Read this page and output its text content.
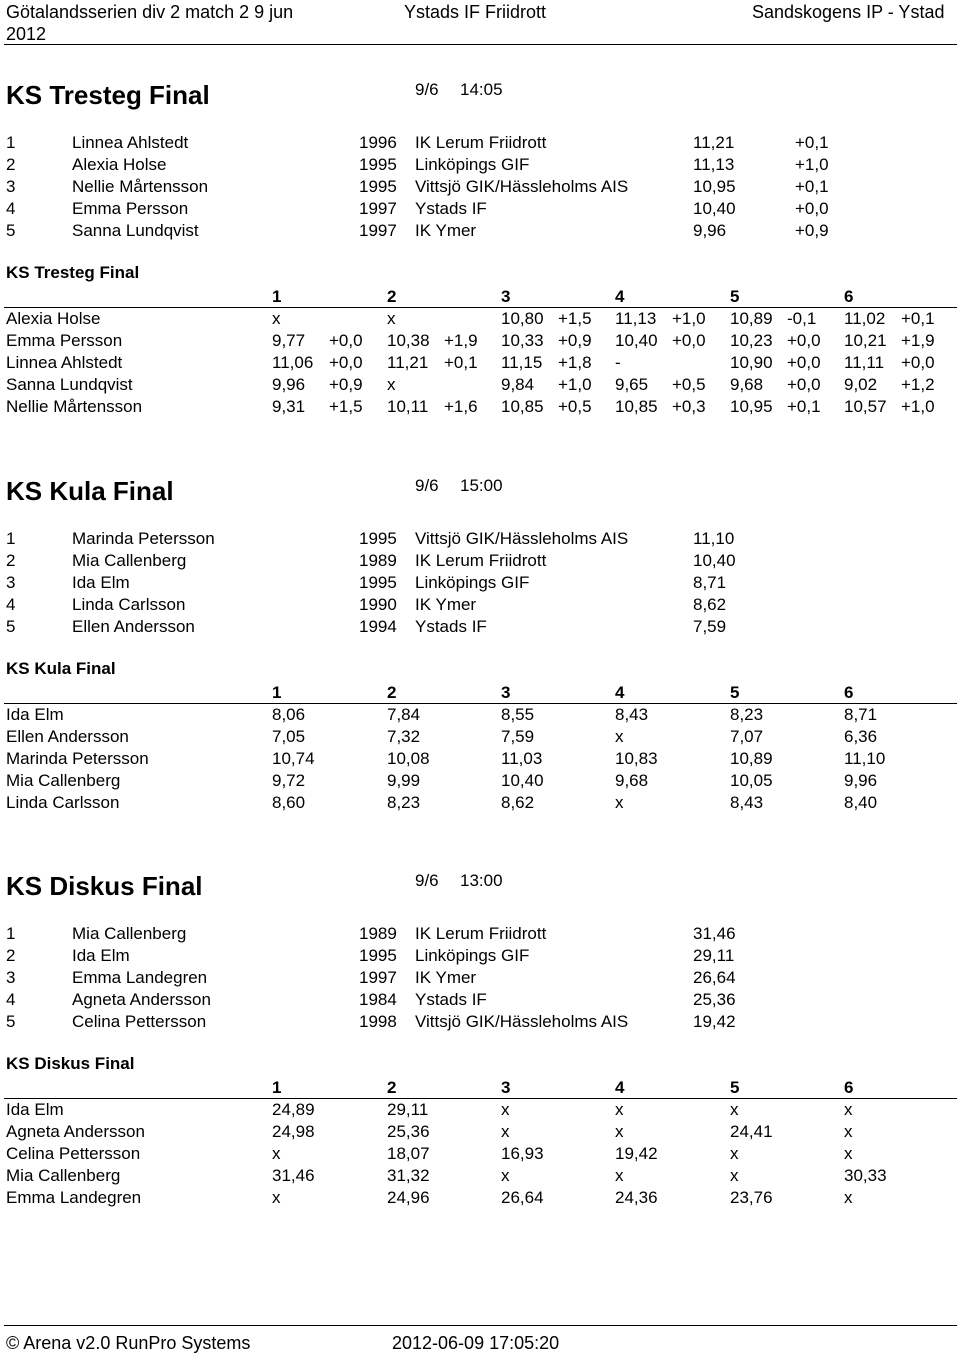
Götalandsserien div 2 match 2 9 jun
2012
Ystads IF Friidrott	Sandskogens IP - Ystad
KS Tresteg Final	9/6 14:05
1	Linnea Ahlstedt	1996 IK Lerum Friidrott	11,21	+0,1
2	Alexia Holse	1995 Linköpings GIF	11,13	+1,0
3	Nellie Mårtensson	1995 Vittsjö GIK/Hässleholms AIS	10,95	+0,1
4	Emma Persson	1997 Ystads IF	10,40	+0,0
5	Sanna Lundqvist	1997 IK Ymer	9,96	+0,9
KS Tresteg Final
1	2	3	4	5	6
Alexia Holse	x	x	10,80 +1,5 11,13 +1,0 10,89 -0,1 11,02 +0,1
Emma Persson	9,77 +0,0 10,38 +1,9 10,33 +0,9 10,40 +0,0 10,23 +0,0 10,21 +1,9
Linnea Ahlstedt	11,06 +0,0 11,21 +0,1 11,15 +1,8 -	10,90 +0,0 11,11 +0,0
Sanna Lundqvist	9,96 +0,9 x	9,84 +1,0 9,65 +0,5 9,68 +0,0 9,02 +1,2
Nellie Mårtensson	9,31 +1,5 10,11 +1,6 10,85 +0,5 10,85 +0,3 10,95 +0,1 10,57 +1,0
KS Kula Final	9/6 15:00
1	Marinda Petersson	1995 Vittsjö GIK/Hässleholms AIS	11,10
2	Mia Callenberg	1989 IK Lerum Friidrott	10,40
3	Ida Elm	1995 Linköpings GIF	8,71
4	Linda Carlsson	1990 IK Ymer	8,62
5	Ellen Andersson	1994 Ystads IF	7,59
KS Kula Final
1	2	3	4	5	6
Ida Elm	8,06	7,84	8,55	8,43	8,23	8,71
Ellen Andersson	7,05	7,32	7,59	x	7,07	6,36
Marinda Petersson	10,74	10,08	11,03	10,83	10,89	11,10
Mia Callenberg	9,72	9,99	10,40	9,68	10,05	9,96
Linda Carlsson	8,60	8,23	8,62	x	8,43	8,40
KS Diskus Final	9/6 13:00
1	Mia Callenberg	1989 IK Lerum Friidrott	31,46
2	Ida Elm	1995 Linköpings GIF	29,11
3	Emma Landegren	1997 IK Ymer	26,64
4	Agneta Andersson	1984 Ystads IF	25,36
5	Celina Pettersson	1998 Vittsjö GIK/Hässleholms AIS	19,42
KS Diskus Final
1	2	3	4	5	6
Ida Elm	24,89	29,11	x	x	x	x
Agneta Andersson	24,98	25,36	x	x	24,41	x
Celina Pettersson	x	18,07	16,93	19,42	x	x
Mia Callenberg	31,46	31,32	x	x	x	30,33
Emma Landegren	x	24,96	26,64	24,36	23,76	x
© Arena v2.0 RunPro Systems	2012-06-09 17:05:20
